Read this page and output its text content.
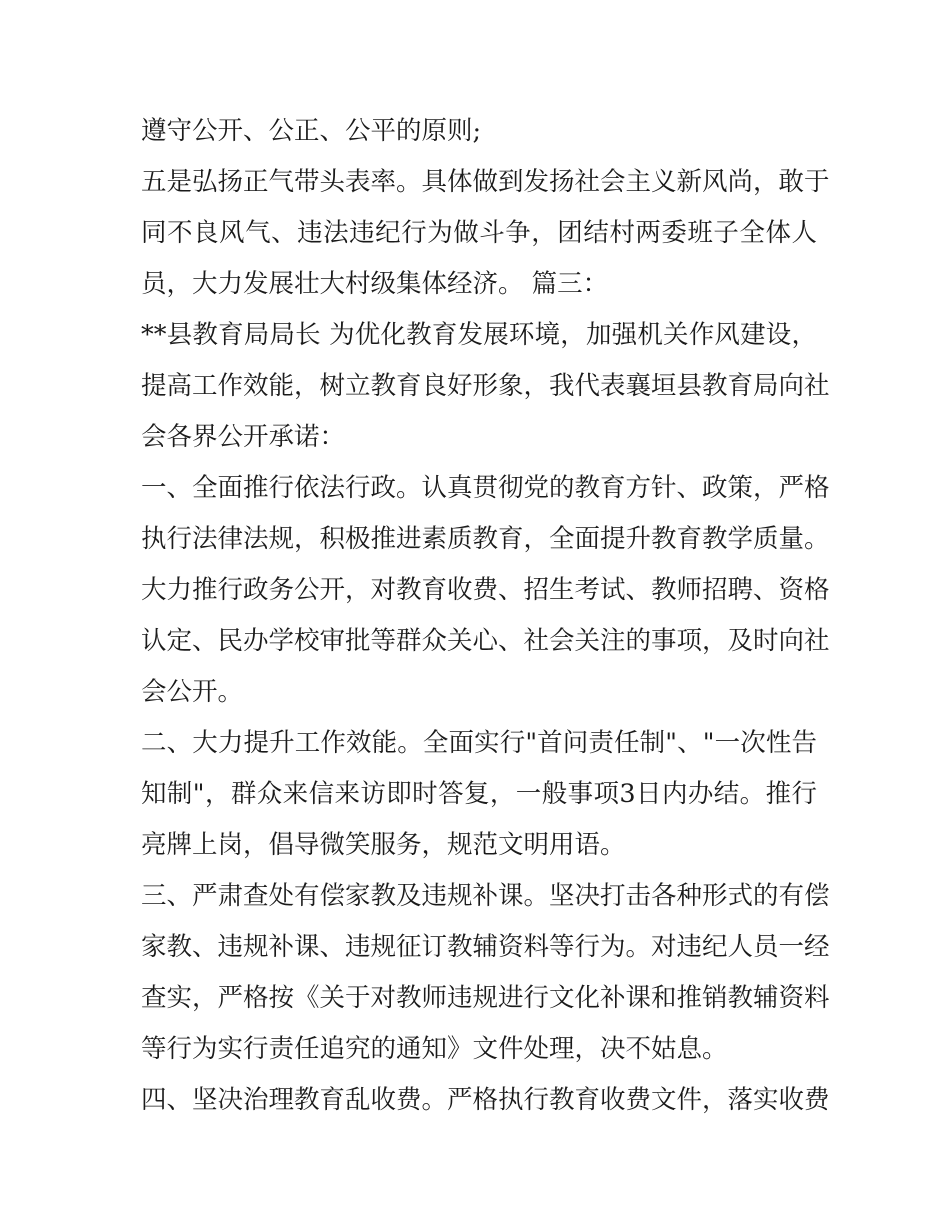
遵守公开、公正、公平的原则;
五是弘扬正气带头表率。具体做到发扬社会主义新风尚，敢于
同不良风气、违法违纪行为做斗争，团结村两委班子全体人
员，大力发展壮大村级集体经济。 篇三：
**县教育局局长 为优化教育发展环境，加强机关作风建设，
提高工作效能，树立教育良好形象，我代表襄垣县教育局向社
会各界公开承诺：
一、全面推行依法行政。认真贯彻党的教育方针、政策，严格
执行法律法规，积极推进素质教育，全面提升教育教学质量。
大力推行政务公开，对教育收费、招生考试、教师招聘、资格
认定、民办学校审批等群众关心、社会关注的事项，及时向社
会公开。
二、大力提升工作效能。全面实行"首问责任制"、"一次性告
知制"，群众来信来访即时答复，一般事项3日内办结。推行
亮牌上岗，倡导微笑服务，规范文明用语。
三、严肃查处有偿家教及违规补课。坚决打击各种形式的有偿
家教、违规补课、违规征订教辅资料等行为。对违纪人员一经
查实，严格按《关于对教师违规进行文化补课和推销教辅资料
等行为实行责任追究的通知》文件处理，决不姑息。
四、坚决治理教育乱收费。严格执行教育收费文件，落实收费
